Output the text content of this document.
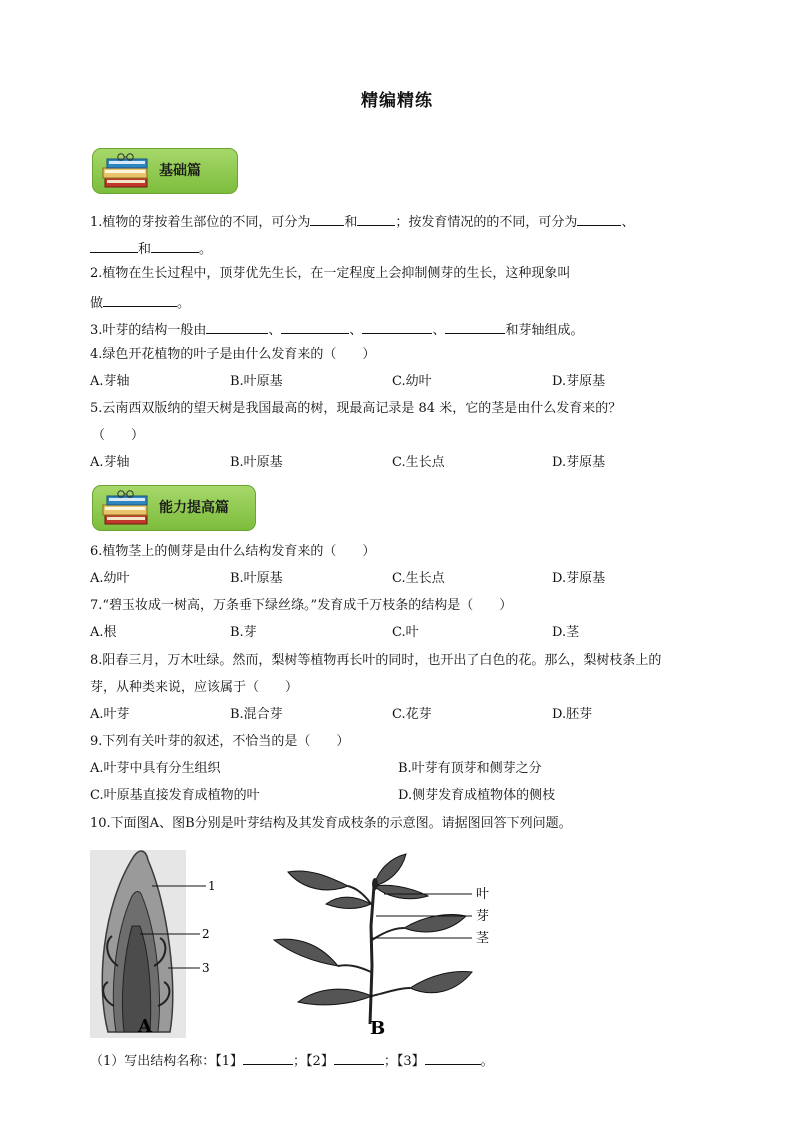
精编精练
基础篇
1.植物的芽按着生部位的不同，可分为	和	；按发育情况的的不同，可分为	、
和	。
2.植物在生长过程中，顶芽优先生长，在一定程度上会抑制侧芽的生长，这种现象叫
做	。
3.叶芽的结构一般由	、	、	、	和芽轴组成。
4.绿色开花植物的叶子是由什么发育来的（　　）
A.芽轴	B.叶原基	C.幼叶	D.芽原基
5.云南西双版纳的望天树是我国最高的树，现最高记录是 84 米，它的茎是由什么发育来的？
（　　）
A.芽轴	B.叶原基	C.生长点	D.芽原基
能力提高篇
6.植物茎上的侧芽是由什么结构发育来的（　　）
A.幼叶	B.叶原基	C.生长点	D.芽原基
7.“碧玉妆成一树高，万条垂下绿丝绦。”发育成千万枝条的结构是（　　）
A.根	B.芽	C.叶	D.茎
8.阳春三月，万木吐绿。然而，梨树等植物再长叶的同时，也开出了白色的花。那么，梨树枝条上的
芽，从种类来说，应该属于（　　）
A.叶芽	B.混合芽	C.花芽	D.胚芽
9.下列有关叶芽的叙述，不恰当的是（　　）
A.叶芽中具有分生组织	B.叶芽有顶芽和侧芽之分
C.叶原基直接发育成植物的叶	D.侧芽发育成植物体的侧枝
10.下面图A、图B分别是叶芽结构及其发育成枝条的示意图。请据图回答下列问题。
1
2
3
A
叶
芽
茎
B
（1）写出结构名称：【1】	；【2】	；【3】	。
